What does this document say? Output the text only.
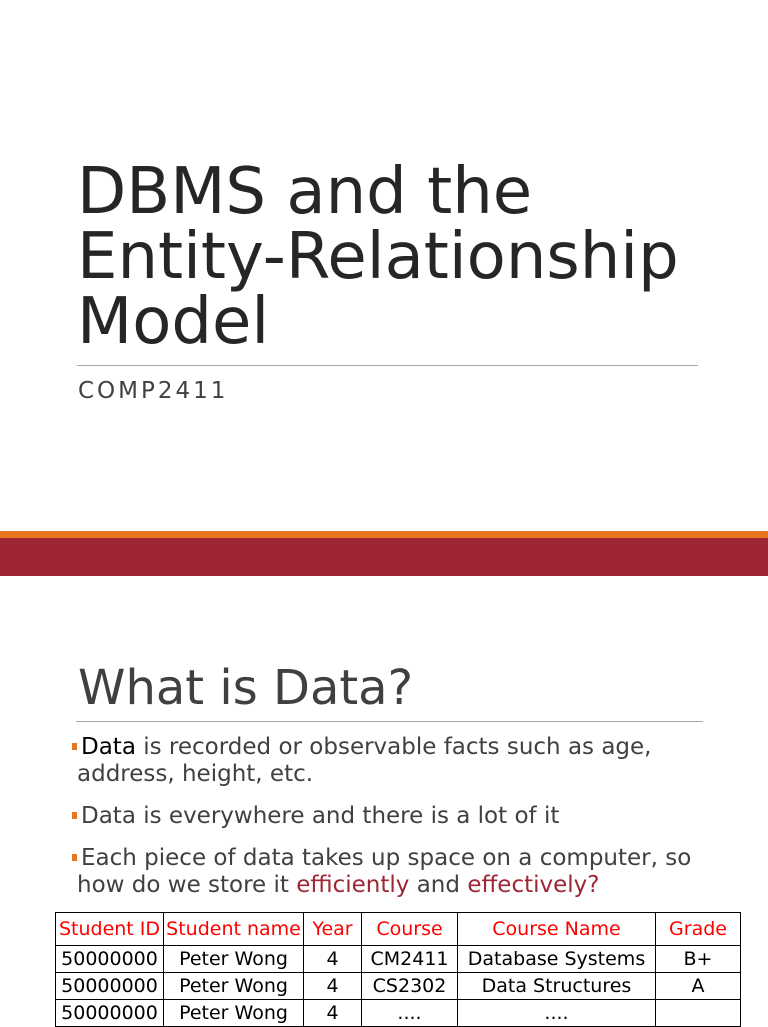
DBMS and the Entity-Relationship Model

COMP2411

What is Data?
Data is recorded or observable facts such as age, address, height, etc.
Data is everywhere and there is a lot of it
Each piece of data takes up space on a computer, so how do we store it efficiently and effectively?
Student ID	Student name	Year	Course	Course Name	Grade
50000000	Peter Wong	4	CM2411	Database Systems	B+
50000000	Peter Wong	4	CS2302	Data Structures	A
50000000	Peter Wong	4	....	....	
